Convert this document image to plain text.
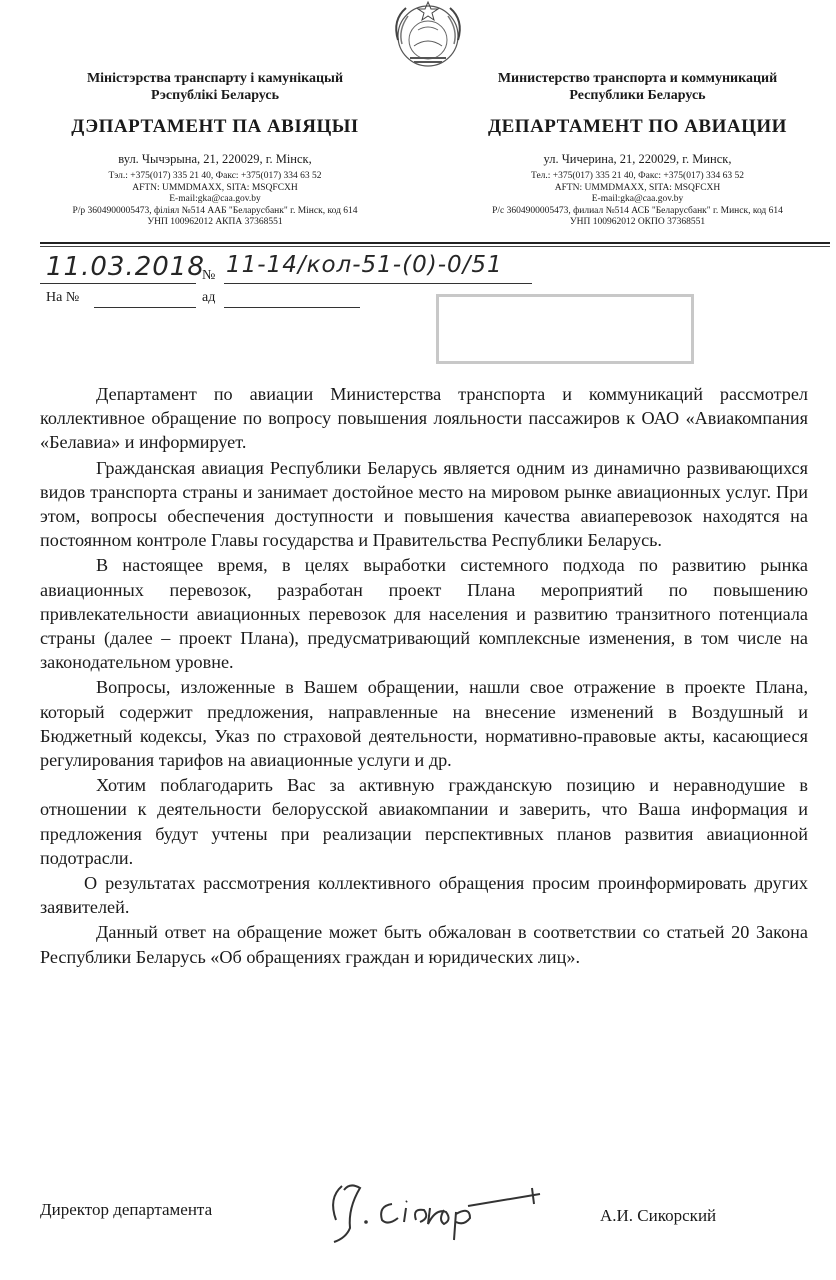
Міністэрства транспарту і камунікацый
Рэспублікі Беларусь
ДЭПАРТАМЕНТ ПА АВІЯЦЫІ
вул. Чычэрына, 21, 220029, г. Мінск,
Тэл.: +375(017) 335 21 40, Факс: +375(017) 334 63 52
AFTN: UMMDMAXX, SITA: MSQFCXH
E-mail:gka@caa.gov.by
Р/р 3604900005473, філіял №514 ААБ "Беларусбанк" г. Мінск, код 614
УНП 100962012 АКПА 37368551
Министерство транспорта и коммуникаций
Республики Беларусь
ДЕПАРТАМЕНТ ПО АВИАЦИИ
ул. Чичерина, 21, 220029, г. Минск,
Тел.: +375(017) 335 21 40, Факс: +375(017) 334 63 52
AFTN: UMMDMAXX, SITA: MSQFCXH
E-mail:gka@caa.gov.by
Р/с 3604900005473, филиал №514 АСБ "Беларусбанк" г. Минск, код 614
УНП 100962012 ОКПО 37368551
11.03.2018
№ 11-14/кол-51-(0)-0/51
На №	ад

Департамент по авиации Министерства транспорта и коммуникаций рассмотрел коллективное обращение по вопросу повышения лояльности пассажиров к ОАО «Авиакомпания «Белавиа» и информирует.

Гражданская авиация Республики Беларусь является одним из динамично развивающихся видов транспорта страны и занимает достойное место на мировом рынке авиационных услуг. При этом, вопросы обеспечения доступности и повышения качества авиаперевозок находятся на постоянном контроле Главы государства и Правительства Республики Беларусь.

В настоящее время, в целях выработки системного подхода по развитию рынка авиационных перевозок, разработан проект Плана мероприятий по повышению привлекательности авиационных перевозок для населения и развитию транзитного потенциала страны (далее – проект Плана), предусматривающий комплексные изменения, в том числе на законодательном уровне.

Вопросы, изложенные в Вашем обращении, нашли свое отражение в проекте Плана, который содержит предложения, направленные на внесение изменений в Воздушный и Бюджетный кодексы, Указ по страховой деятельности, нормативно-правовые акты, касающиеся регулирования тарифов на авиационные услуги и др.

Хотим поблагодарить Вас за активную гражданскую позицию и неравнодушие в отношении к деятельности белорусской авиакомпании и заверить, что Ваша информация и предложения будут учтены при реализации перспективных планов развития авиационной подотрасли.

О результатах рассмотрения коллективного обращения просим проинформировать других заявителей.

Данный ответ на обращение может быть обжалован в соответствии со статьей 20 Закона Республики Беларусь «Об обращениях граждан и юридических лиц».

Директор департамента	А.И. Сикорский
